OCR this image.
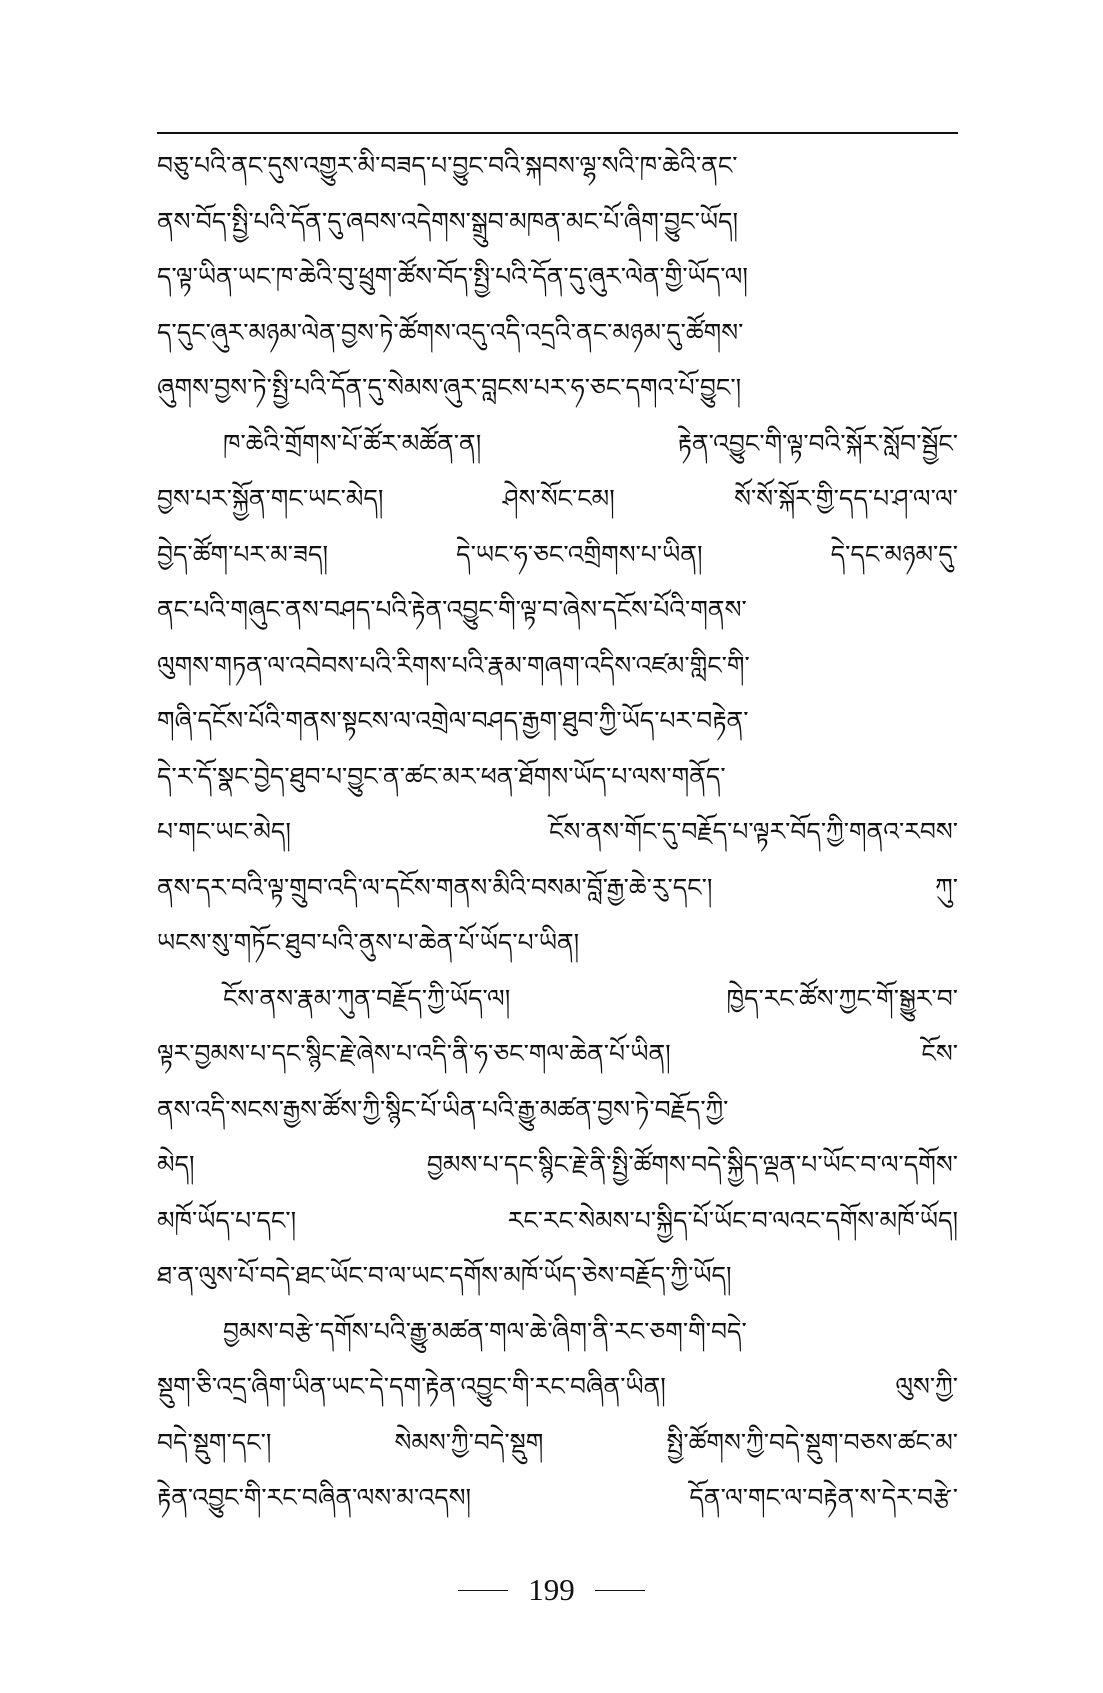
བཅུ་པའི་ནང་དུས་འགྱུར་མི་བཟད་པ་བྱུང་བའི་སྐབས་ལྷ་སའི་ཁ་ཆེའི་ནང་
ནས་བོད་སྤྱི་པའི་དོན་དུ་ཞབས་འདེགས་སྒྲུབ་མཁན་མང་པོ་ཞིག་བྱུང་ཡོད།
ད་ལྟ་ཡིན་ཡང་ཁ་ཆེའི་བུ་ཕྲུག་ཚོས་བོད་སྤྱི་པའི་དོན་དུ་ཞུར་ལེན་གྱི་ཡོད་ལ།
ད་དུང་ཞུར་མཉམ་ལེན་བྱས་ཏེ་ཚོགས་འདུ་འདི་འདྲའི་ནང་མཉམ་དུ་ཚོགས་
ཞུགས་བྱས་ཏེ་སྤྱི་པའི་དོན་དུ་སེམས་ཞུར་བླངས་པར་ཧ་ཅང་དགའ་པོ་བྱུང་།
ཁ་ཆེའི་གྲོགས་པོ་ཚོར་མཚོན་ན། རྟེན་འབྱུང་གི་ལྟ་བའི་སྐོར་སློབ་སྦྱོང་
བྱས་པར་སྐྱོན་གང་ཡང་མེད། ཤེས་སོང་ངམ། སོ་སོ་སྐོར་གྱི་དད་པ་ཤ་ལ་ལ་
བྱེད་ཚོག་པར་མ་ཟད། དེ་ཡང་ཧ་ཅང་འགྲིགས་པ་ཡིན། དེ་དང་མཉམ་དུ་
ནང་པའི་གཞུང་ནས་བཤད་པའི་རྟེན་འབྱུང་གི་ལྟ་བ་ཞེས་དངོས་པོའི་གནས་
ལུགས་གཏན་ལ་འབེབས་པའི་རིགས་པའི་རྣམ་གཞག་འདིས་འཛམ་གླིང་གི་
གཞི་དངོས་པོའི་གནས་སྟངས་ལ་འགྲེལ་བཤད་རྒྱག་ཐུབ་ཀྱི་ཡོད་པར་བརྟེན་
དེ་ར་དོ་སྣང་བྱེད་ཐུབ་པ་བྱུང་ན་ཚང་མར་ཕན་ཐོགས་ཡོད་པ་ལས་གནོད་
པ་གང་ཡང་མེད། ངོས་ནས་གོང་དུ་བརྗོད་པ་ལྟར་བོད་ཀྱི་གནའ་རབས་
ནས་དར་བའི་ལྟ་གྲུབ་འདི་ལ་དངོས་གནས་མིའི་བསམ་བློ་རྒྱ་ཆེ་རུ་དང་། ཀུ་
ཡངས་སུ་གཏོང་ཐུབ་པའི་ནུས་པ་ཆེན་པོ་ཡོད་པ་ཡིན།
ངོས་ནས་རྣམ་ཀུན་བརྗོད་ཀྱི་ཡོད་ལ། ཁྱེད་རང་ཚོས་ཀྱང་གོ་སྒྱུར་བ་
ལྟར་བྱམས་པ་དང་སྙིང་རྗེ་ཞེས་པ་འདི་ནི་ཧ་ཅང་གལ་ཆེན་པོ་ཡིན། ངོས་
ནས་འདི་སངས་རྒྱས་ཚོས་ཀྱི་སྙིང་པོ་ཡིན་པའི་རྒྱུ་མཚན་བྱས་ཏེ་བརྗོད་ཀྱི་
མེད། བྱམས་པ་དང་སྙིང་རྗེ་ནི་སྤྱི་ཚོགས་བདེ་སྐྱིད་ལྡན་པ་ཡོང་བ་ལ་དགོས་
མཁོ་ཡོད་པ་དང་། རང་རང་སེམས་པ་སྐྱིད་པོ་ཡོང་བ་ལའང་དགོས་མཁོ་ཡོད།
ཐ་ན་ལུས་པོ་བདེ་ཐང་ཡོང་བ་ལ་ཡང་དགོས་མཁོ་ཡོད་ཅེས་བརྗོད་ཀྱི་ཡོད།
བྱམས་བརྩེ་དགོས་པའི་རྒྱུ་མཚན་གལ་ཆེ་ཞིག་ནི་རང་ཅག་གི་བདེ་
སྡུག་ཅི་འདྲ་ཞིག་ཡིན་ཡང་དེ་དག་རྟེན་འབྱུང་གི་རང་བཞིན་ཡིན། ལུས་ཀྱི་
བདེ་སྡུག་དང་། སེམས་ཀྱི་བདེ་སྡུག སྤྱི་ཚོགས་ཀྱི་བདེ་སྡུག་བཅས་ཚང་མ་
རྟེན་འབྱུང་གི་རང་བཞིན་ལས་མ་འདས། དོན་ལ་གང་ལ་བརྟེན་ས་དེར་བརྩེ་
199
